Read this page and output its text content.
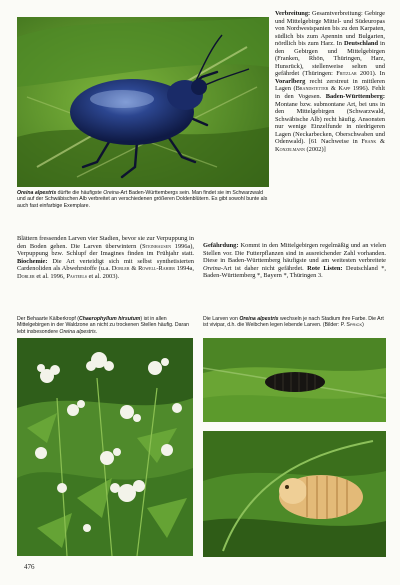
Oreina alpestris dürfte die häufigste Oreina-Art Baden-Württembergs sein. Man findet sie im Schwarzwald und auf der Schwäbischen Alb verbreitet an verschiedenen größeren Doldenblütern. Es gibt sowohl bunte als auch fast einfarbige Exemplare.

Verbreitung: Gesamtverbreitung: Gebirge und Mittelgebirge Mittel- und Südeuropas von Nordwestspanien bis zu den Karpaten, südlich bis zum Apennin und Bulgarien, nördlich bis zum Harz. In Deutschland in den Gebirgen und Mittelgebirgen (Franken, Rhön, Thüringen, Harz, Hunsrück), stellenweise selten und gefährdet (Thüringen: Fritzlar 2001). In Vorarlberg recht zerstreut in mittleren Lagen (Brandstetter & Kapp 1996). Fehlt in den Vogesen. Baden-Württemberg: Montane bzw. submontane Art, bei uns in den Mittelgebirgen (Schwarzwald, Schwäbische Alb) recht häufig. Ansonsten nur wenige Einzelfunde in niedrigeren Lagen (Neckarbecken, Oberschwaben und Odenwald). [61 Nachweise in Frank & Konzelmann (2002)]

Gefährdung: Kommt in den Mittelgebirgen regelmäßig und an vielen Stellen vor. Die Futterpflanzen sind in ausreichender Zahl vorhanden. Diese in Baden-Württemberg häufigste und am weitesten verbreitete Oreina-Art ist daher nicht gefährdet. Rote Listen: Deutschland *, Baden-Württemberg *, Bayern *, Thüringen 3.

Blättern fressenden Larven vier Stadien, bevor sie zur Verpuppung in den Boden gehen. Die Larven überwintern (Steinhausen 1996a), Verpuppung bzw. Schlupf der Imagines finden im Frühjahr statt. Biochemie: Die Art verteidigt sich mit selbst synthetisierten Cardenoliden als Abwehrstoffe (u.a. Dobler & Rowell-Rahier 1994a, Dobler et al. 1996, Pasteels et al. 2003).

Der Behaarte Kälberkropf (Chaerophyllum hirsutum) ist in allen Mittelgebirgen in der Waldzone an nicht zu trockenen Stellen häufig. Daran lebt insbesondere Oreina alpestris.
Die Larven von Oreina alpestris wechseln je nach Stadium ihre Farbe. Die Art ist vivipar, d.h. die Weibchen legen lebende Larven. (Bilder: P. Sprick)
476
